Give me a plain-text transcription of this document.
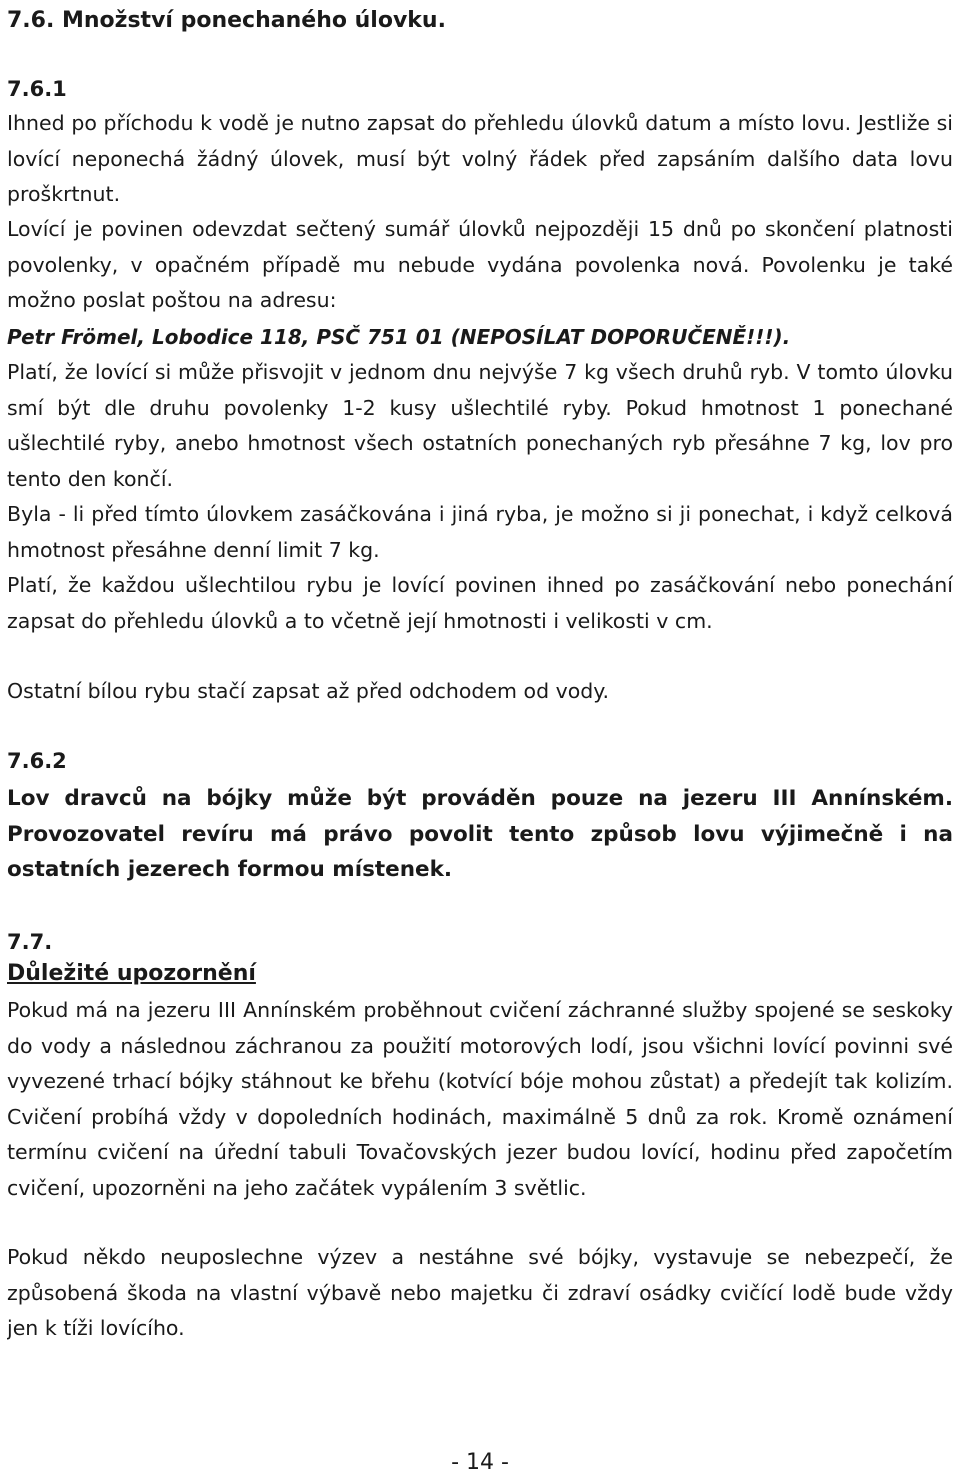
7.6. Množství ponechaného úlovku.
7.6.1

Ihned po příchodu k vodě je nutno zapsat do přehledu úlovků datum a místo lovu. Jestliže si lovící neponechá žádný úlovek, musí být volný řádek před zapsáním dalšího data lovu proškrtnut.

Lovící je povinen odevzdat sečtený sumář úlovků nejpozději 15 dnů po skončení platnosti povolenky, v opačném případě mu nebude vydána povolenka nová. Povolenku je také možno poslat poštou na adresu:

Petr Frömel, Lobodice 118, PSČ 751 01 (NEPOSÍLAT DOPORUČENĚ!!!).

Platí, že lovící si může přisvojit v jednom dnu nejvýše 7 kg všech druhů ryb. V tomto úlovku smí být dle druhu povolenky 1-2 kusy ušlechtilé ryby. Pokud hmotnost 1 ponechané ušlechtilé ryby, anebo hmotnost všech ostatních ponechaných ryb přesáhne 7 kg, lov pro tento den končí.

Byla - li před tímto úlovkem zasáčkována i jiná ryba, je možno si ji ponechat, i když celková hmotnost přesáhne denní limit 7 kg.

Platí, že každou ušlechtilou rybu je lovící povinen ihned po zasáčkování nebo ponechání zapsat do přehledu úlovků a to včetně její hmotnosti i velikosti v cm.

Ostatní bílou rybu stačí zapsat až před odchodem od vody.

7.6.2

Lov dravců na bójky může být prováděn pouze na jezeru III Annínském. Provozovatel revíru má právo povolit tento způsob lovu výjimečně i na ostatních jezerech formou místenek.

7.7.
Důležité upozornění

Pokud má na jezeru III Annínském proběhnout cvičení záchranné služby spojené se seskoky do vody a následnou záchranou za použití motorových lodí, jsou všichni lovící povinni své vyvezené trhací bójky stáhnout ke břehu (kotvící bóje mohou zůstat) a předejít tak kolizím. Cvičení probíhá vždy v dopoledních hodinách, maximálně 5 dnů za rok. Kromě oznámení termínu cvičení na úřední tabuli Tovačovských jezer budou lovící, hodinu před započetím cvičení, upozorněni na jeho začátek vypálením 3 světlic.

Pokud někdo neuposlechne výzev a nestáhne své bójky, vystavuje se nebezpečí, že způsobená škoda na vlastní výbavě nebo majetku či zdraví osádky cvičící lodě bude vždy jen k tíži lovícího.

- 14 -
